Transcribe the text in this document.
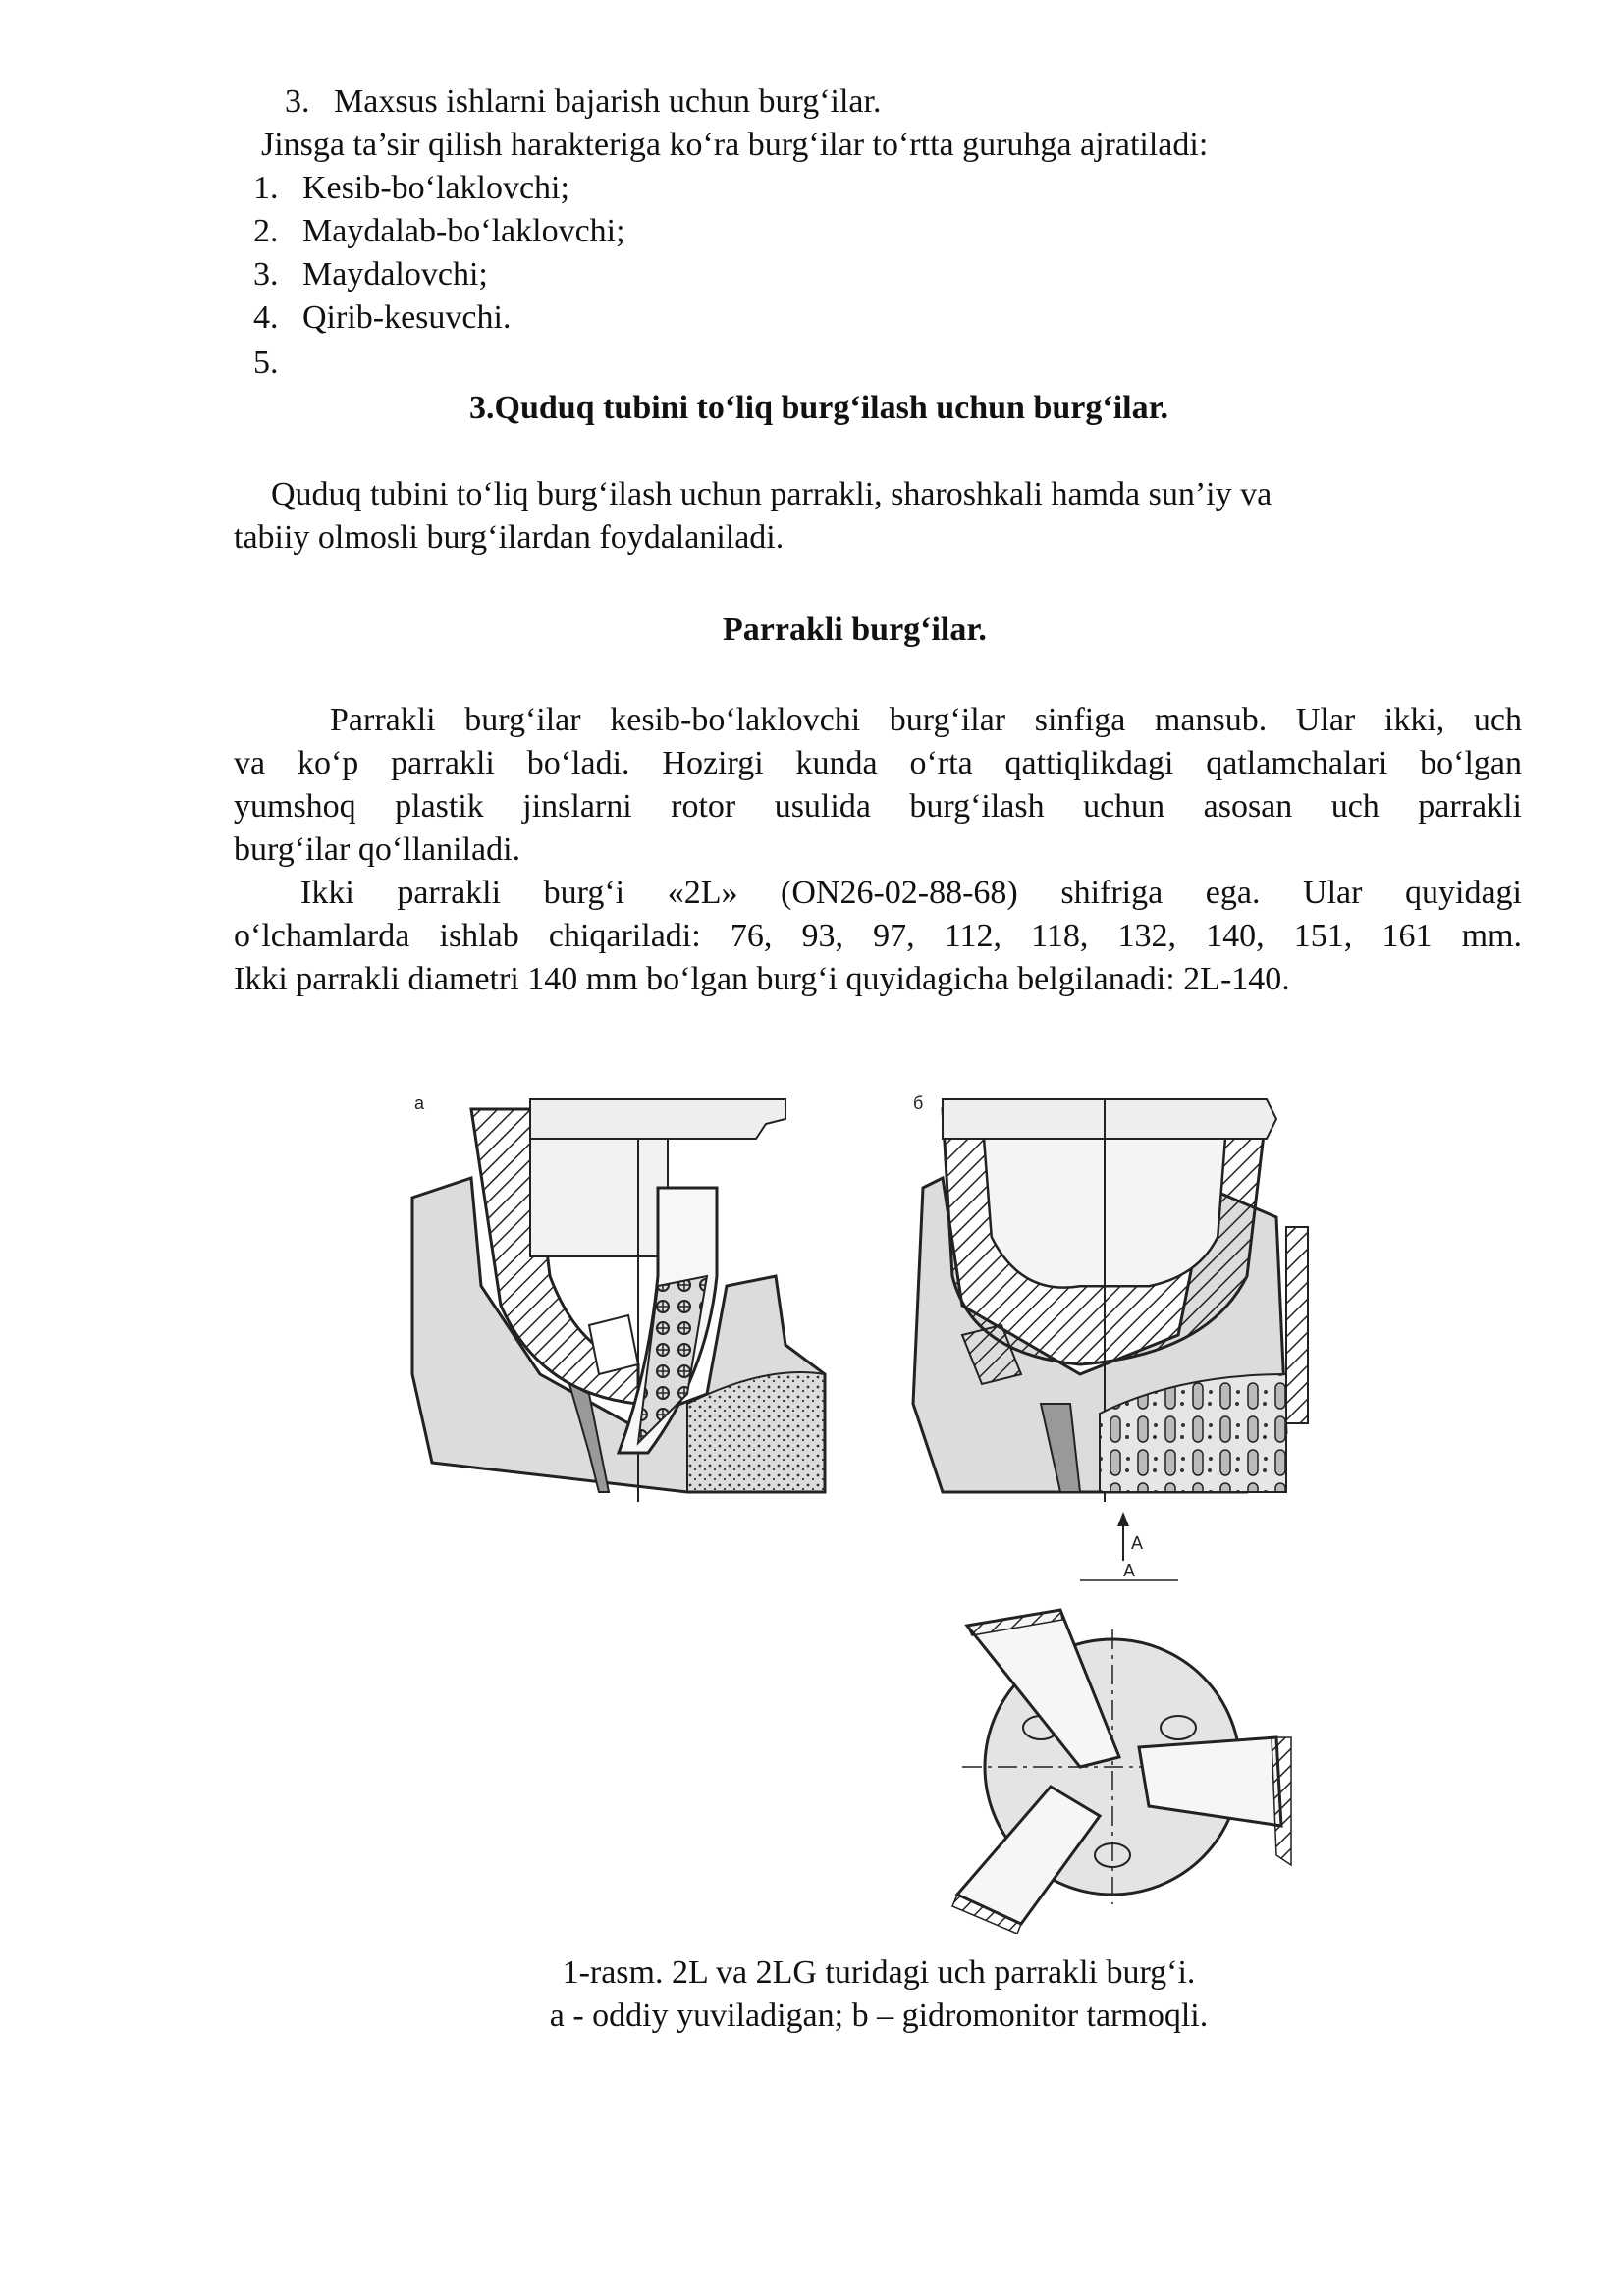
3. Maxsus ishlarni bajarish uchun burg‘ilar.
Jinsga ta’sir qilish harakteriga ko‘ra burg‘ilar to‘rtta guruhga ajratiladi:
1. Kesib-bo‘laklovchi;
2. Maydalab-bo‘laklovchi;
3. Maydalovchi;
4. Qirib-kesuvchi.
5.
3.Quduq tubini to‘liq burg‘ilash uchun burg‘ilar.
Quduq tubini to‘liq burg‘ilash uchun parrakli, sharoshkali hamda sun’iy va
tabiiy olmosli burg‘ilardan foydalaniladi.
Parrakli burg‘ilar.
Parrakli burg‘ilar kesib-bo‘laklovchi burg‘ilar sinfiga mansub. Ular ikki, uch
va ko‘p parrakli bo‘ladi. Hozirgi kunda o‘rta qattiqlikdagi qatlamchalari bo‘lgan
yumshoq plastik jinslarni rotor usulida burg‘ilash uchun asosan uch parrakli
burg‘ilar qo‘llaniladi.
Ikki parrakli burg‘i «2L» (ON26-02-88-68) shifriga ega. Ular quyidagi
o‘lchamlarda ishlab chiqariladi: 76, 93, 97, 112, 118, 132, 140, 151, 161 mm.
Ikki parrakli diametri 140 mm bo‘lgan burg‘i quyidagicha belgilanadi: 2L-140.
а	б
A
A
1-rasm. 2L va 2LG turidagi uch parrakli burg‘i.
a - oddiy yuviladigan; b – gidromonitor tarmoqli.
